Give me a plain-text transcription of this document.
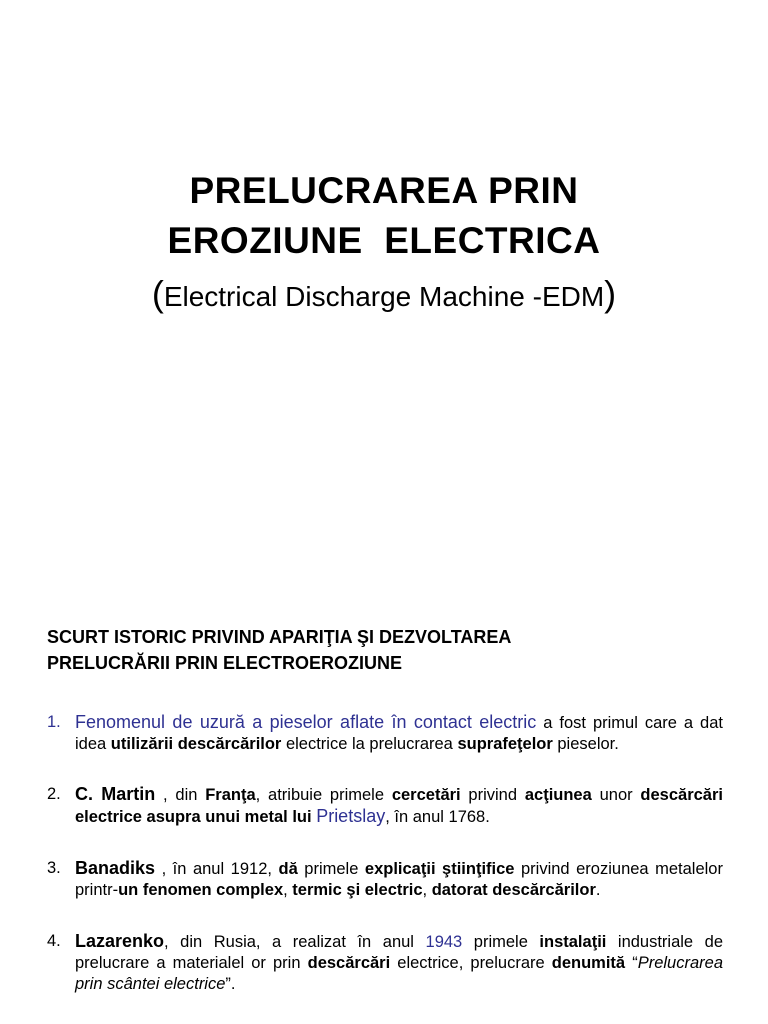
PRELUCRAREA PRIN
EROZIUNE  ELECTRICA
(Electrical Discharge Machine -EDM)
SCURT ISTORIC PRIVIND APARIŢIA ŞI DEZVOLTAREA
PRELUCRĂRII PRIN ELECTROEROZIUNE
1. Fenomenul de uzură a pieselor aflate în contact electric a fost primul care a dat idea utilizării descărcărilor electrice la prelucrarea suprafeţelor pieselor.
2. C. Martin , din Franţa, atribuie primele cercetări privind acţiunea unor descărcări electrice asupra unui metal lui Prietslay, în anul 1768.
3. Banadiks , în anul 1912, dă primele explicaţii ştiinţifice privind eroziunea metalelor printr-un fenomen complex, termic şi electric, datorat descărcărilor.
4. Lazarenko, din Rusia, a realizat în anul 1943 primele instalaţii industriale de prelucrare a materialel or prin descărcări electrice, prelucrare denumită “Prelucrarea prin scântei electrice”.
